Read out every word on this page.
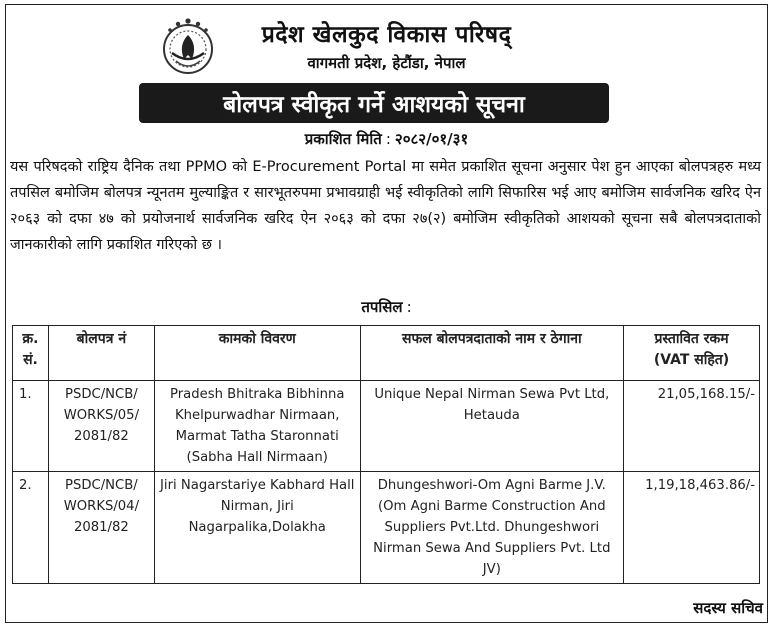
प्रदेश खेलकुद विकास परिषद्
वागमती प्रदेश, हेटौंडा, नेपाल
बोलपत्र स्वीकृत गर्ने आशयको सूचना
प्रकाशित मिति : २०८२/०१/३१
यस परिषदको राष्ट्रिय दैनिक तथा PPMO को E-Procurement Portal मा समेत प्रकाशित सूचना अनुसार पेश हुन आएका बोलपत्रहरु मध्य तपसिल बमोजिम बोलपत्र न्यूनतम मुल्याङ्कित र सारभूतरुपमा प्रभावग्राही भई स्वीकृतिको लागि सिफारिस भई आए बमोजिम सार्वजनिक खरिद ऐन २०६३ को दफा ४७ को प्रयोजनार्थ सार्वजनिक खरिद ऐन २०६३ को दफा २७(२) बमोजिम स्वीकृतिको आशयको सूचना सबै बोलपत्रदाताको जानकारीको लागि प्रकाशित गरिएको छ ।
तपसिल :
क्र. सं.	बोलपत्र नं	कामको विवरण	सफल बोलपत्रदाताको नाम र ठेगाना	प्रस्तावित रकम
(VAT सहित)

1.	PSDC/NCB/ WORKS/05/ 2081/82	Pradesh Bhitraka Bibhinna Khelpurwadhar Nirmaan, Marmat Tatha Staronnati (Sabha Hall Nirmaan)	Unique Nepal Nirman Sewa Pvt Ltd, Hetauda	21,05,168.15/-
2.	PSDC/NCB/ WORKS/04/ 2081/82	Jiri Nagarstariye Kabhard Hall Nirman, Jiri Nagarpalika,Dolakha	Dhungeshwori-Om Agni Barme J.V. (Om Agni Barme Construction And Suppliers Pvt.Ltd. Dhungeshwori Nirman Sewa And Suppliers Pvt. Ltd JV)	1,19,18,463.86/-
सदस्य सचिव
